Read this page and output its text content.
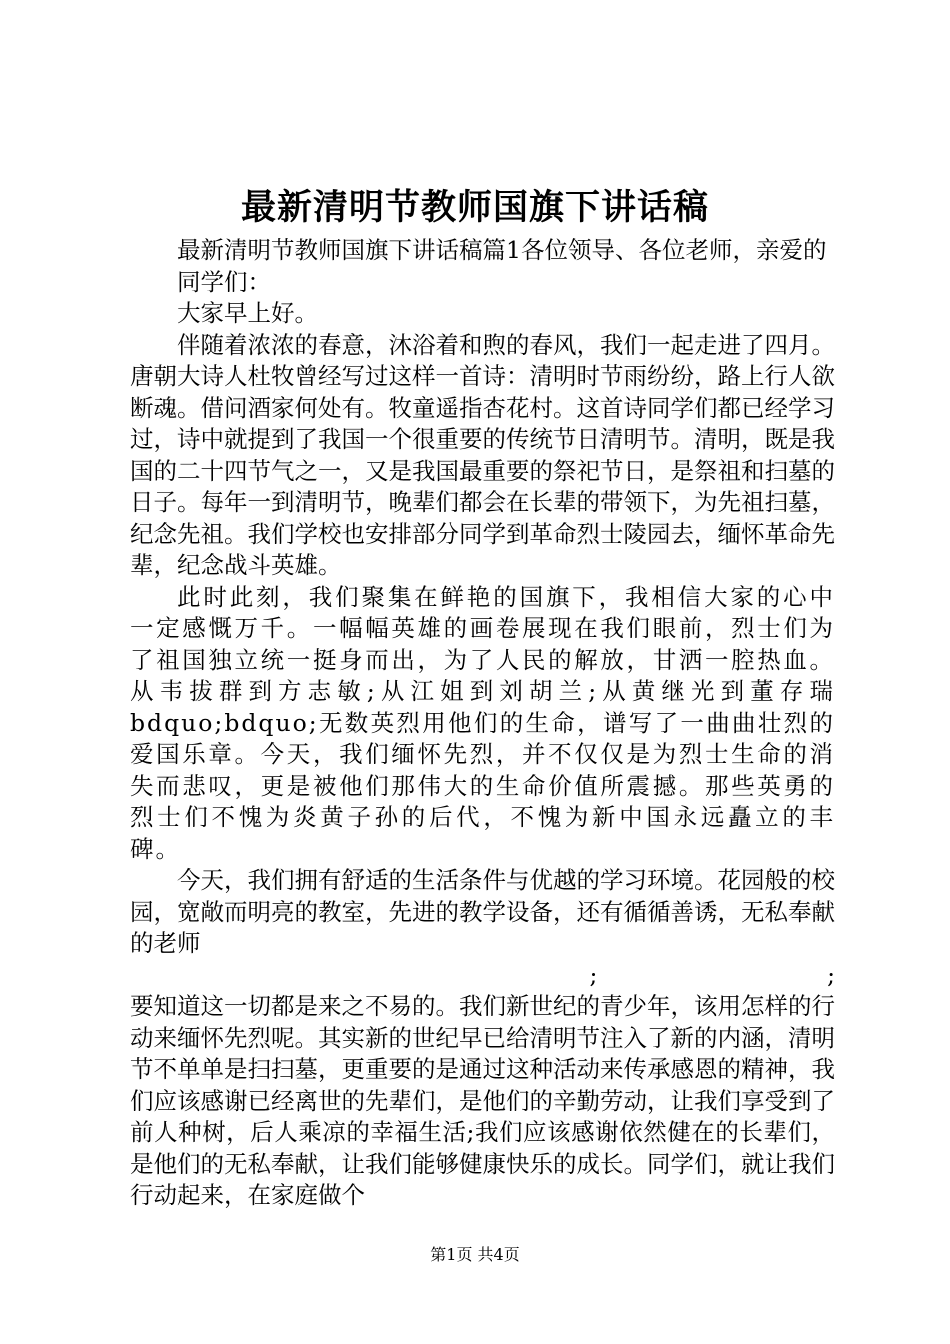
最新清明节教师国旗下讲话稿

最新清明节教师国旗下讲话稿篇1各位领导、各位老师，亲爱的

同学们：

大家早上好。

伴随着浓浓的春意，沐浴着和煦的春风，我们一起走进了四月。唐朝大诗人杜牧曾经写过这样一首诗：清明时节雨纷纷，路上行人欲断魂。借问酒家何处有。牧童遥指杏花村。这首诗同学们都已经学习过，诗中就提到了我国一个很重要的传统节日清明节。清明，既是我国的二十四节气之一，又是我国最重要的祭祀节日，是祭祖和扫墓的日子。每年一到清明节，晚辈们都会在长辈的带领下，为先祖扫墓，纪念先祖。我们学校也安排部分同学到革命烈士陵园去，缅怀革命先辈，纪念战斗英雄。

此时此刻，我们聚集在鲜艳的国旗下，我相信大家的心中一定感慨万千。一幅幅英雄的画卷展现在我们眼前，烈士们为了祖国独立统一挺身而出，为了人民的解放，甘洒一腔热血。从韦拔群到方志敏;从江姐到刘胡兰;从黄继光到董存瑞bdquo;bdquo;无数英烈用他们的生命，谱写了一曲曲壮烈的爱国乐章。今天，我们缅怀先烈，并不仅仅是为烈士生命的消失而悲叹，更是被他们那伟大的生命价值所震撼。那些英勇的烈士们不愧为炎黄子孙的后代，不愧为新中国永远矗立的丰碑。

今天，我们拥有舒适的生活条件与优越的学习环境。花园般的校园，宽敞而明亮的教室，先进的教学设备，还有循循善诱，无私奉献的老师

;	;

要知道这一切都是来之不易的。我们新世纪的青少年，该用怎样的行动来缅怀先烈呢。其实新的世纪早已给清明节注入了新的内涵，清明节不单单是扫扫墓，更重要的是通过这种活动来传承感恩的精神，我们应该感谢已经离世的先辈们，是他们的辛勤劳动，让我们享受到了前人种树，后人乘凉的幸福生活;我们应该感谢依然健在的长辈们，是他们的无私奉献，让我们能够健康快乐的成长。同学们，就让我们行动起来，在家庭做个

第1页 共4页
